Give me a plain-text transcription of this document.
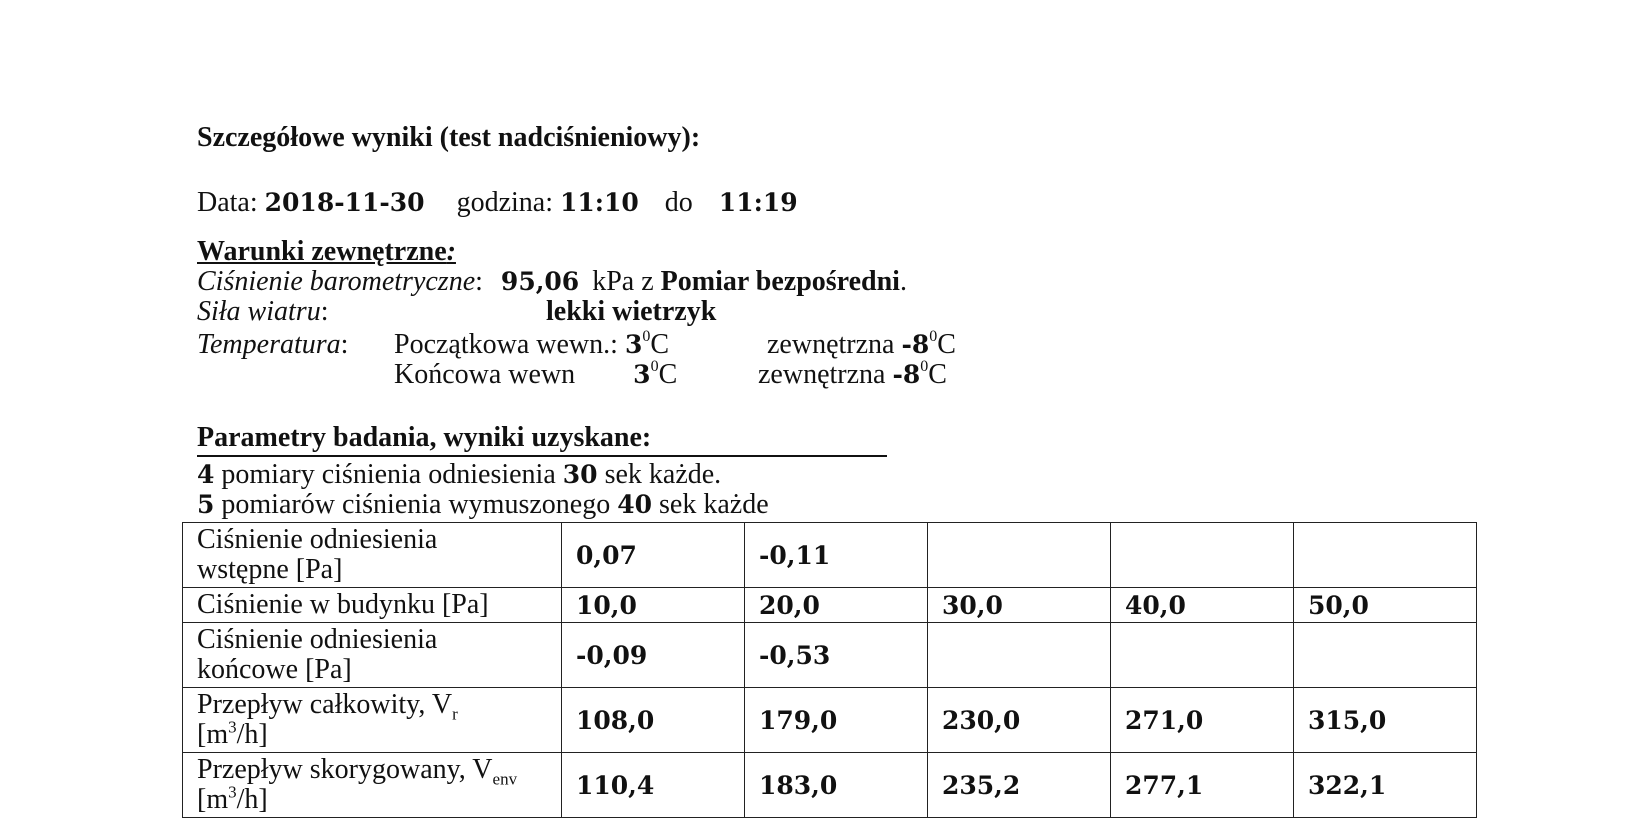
Szczegółowe wyniki (test nadciśnieniowy):
Data: 2018-11-30 godzina: 11:10 do 11:19
Warunki zewnętrzne:
Ciśnienie barometryczne: 95,06 kPa z Pomiar bezpośredni.
Siła wiatru:	lekki wietrzyk
Temperatura: Początkowa wewn.: $3^0C$	zewnętrzna $-8^0C$
Końcowa wewn $3^0C$	zewnętrzna $-8^0C$
Parametry badania, wyniki uzyskane:
4 pomiary ciśnienia odniesienia 30 sek każde.
5 pomiarów ciśnienia wymuszonego 40 sek każde
Ciśnienie odniesienia
wstępne [Pa]	0,07	-0,11			
Ciśnienie w budynku [Pa]	10,0	20,0	30,0	40,0	50,0
Ciśnienie odniesienia
końcowe [Pa]	-0,09	-0,53			
Przepływ całkowity, $V_r$
$[m^3/h]$	108,0	179,0	230,0	271,0	315,0
Przepływ skorygowany, $V_{env}$
$[m^3/h]$	110,4	183,0	235,2	277,1	322,1
